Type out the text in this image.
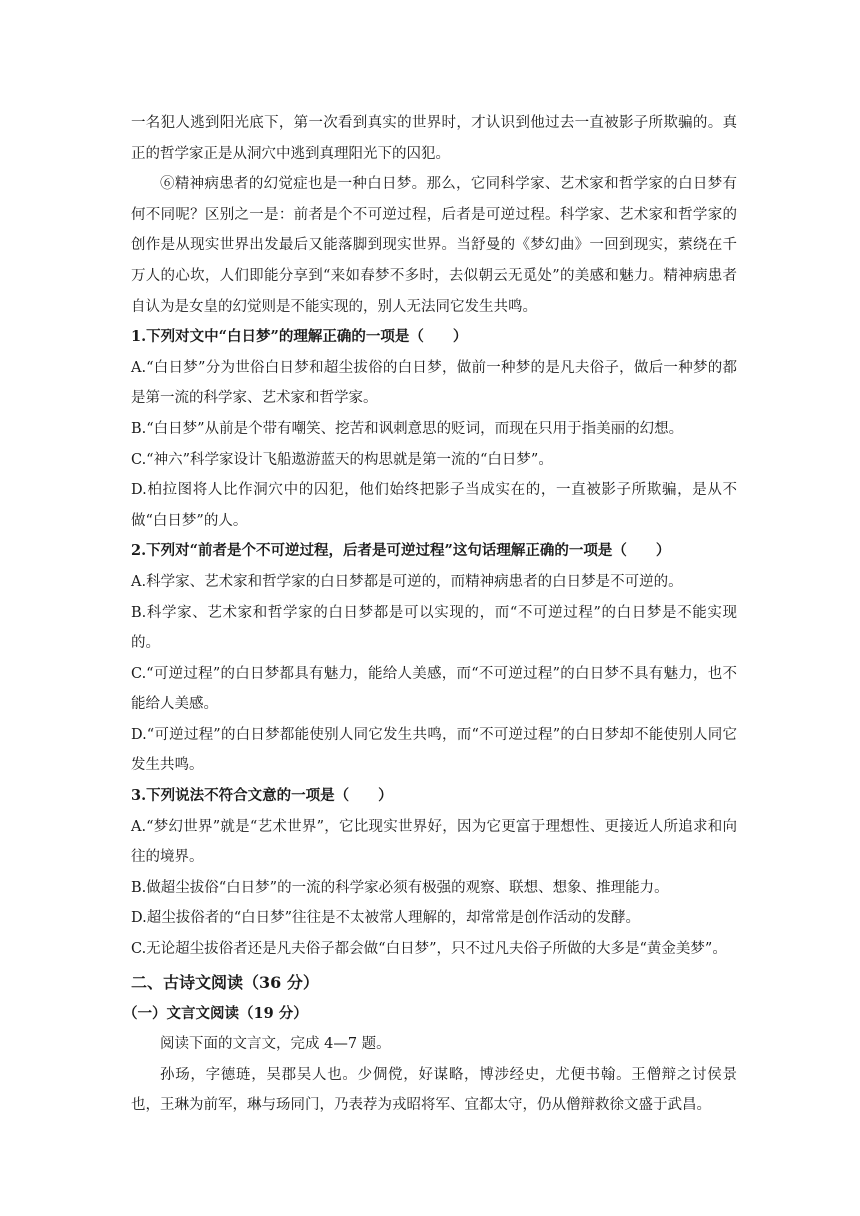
一名犯人逃到阳光底下，第一次看到真实的世界时，才认识到他过去一直被影子所欺骗的。真正的哲学家正是从洞穴中逃到真理阳光下的囚犯。

⑥精神病患者的幻觉症也是一种白日梦。那么，它同科学家、艺术家和哲学家的白日梦有何不同呢？区别之一是：前者是个不可逆过程，后者是可逆过程。科学家、艺术家和哲学家的创作是从现实世界出发最后又能落脚到现实世界。当舒曼的《梦幻曲》一回到现实，萦绕在千万人的心坎，人们即能分享到“来如春梦不多时，去似朝云无觅处”的美感和魅力。精神病患者自认为是女皇的幻觉则是不能实现的，别人无法同它发生共鸣。

1.下列对文中“白日梦”的理解正确的一项是（　　）

A.“白日梦”分为世俗白日梦和超尘拔俗的白日梦，做前一种梦的是凡夫俗子，做后一种梦的都是第一流的科学家、艺术家和哲学家。

B.“白日梦”从前是个带有嘲笑、挖苦和讽刺意思的贬词，而现在只用于指美丽的幻想。

C.“神六”科学家设计飞船遨游蓝天的构思就是第一流的“白日梦”。

D.柏拉图将人比作洞穴中的囚犯，他们始终把影子当成实在的，一直被影子所欺骗，是从不做“白日梦”的人。

2.下列对“前者是个不可逆过程，后者是可逆过程”这句话理解正确的一项是（　　）

A.科学家、艺术家和哲学家的白日梦都是可逆的，而精神病患者的白日梦是不可逆的。

B.科学家、艺术家和哲学家的白日梦都是可以实现的，而“不可逆过程”的白日梦是不能实现的。

C.“可逆过程”的白日梦都具有魅力，能给人美感，而“不可逆过程”的白日梦不具有魅力，也不能给人美感。

D.“可逆过程”的白日梦都能使别人同它发生共鸣，而“不可逆过程”的白日梦却不能使别人同它发生共鸣。

3.下列说法不符合文意的一项是（　　）

A.“梦幻世界”就是“艺术世界”，它比现实世界好，因为它更富于理想性、更接近人所追求和向往的境界。

B.做超尘拔俗“白日梦”的一流的科学家必须有极强的观察、联想、想象、推理能力。

D.超尘拔俗者的“白日梦”往往是不太被常人理解的，却常常是创作活动的发酵。

C.无论超尘拔俗者还是凡夫俗子都会做“白日梦”，只不过凡夫俗子所做的大多是“黄金美梦”。

二、古诗文阅读（36 分）

（一）文言文阅读（19 分）

阅读下面的文言文，完成 4—7 题。

孙玚，字德琏，吴郡吴人也。少倜傥，好谋略，博涉经史，尤便书翰。王僧辩之讨侯景也，王琳为前军，琳与玚同门，乃表荐为戎昭将军、宜都太守，仍从僧辩救徐文盛于武昌。
